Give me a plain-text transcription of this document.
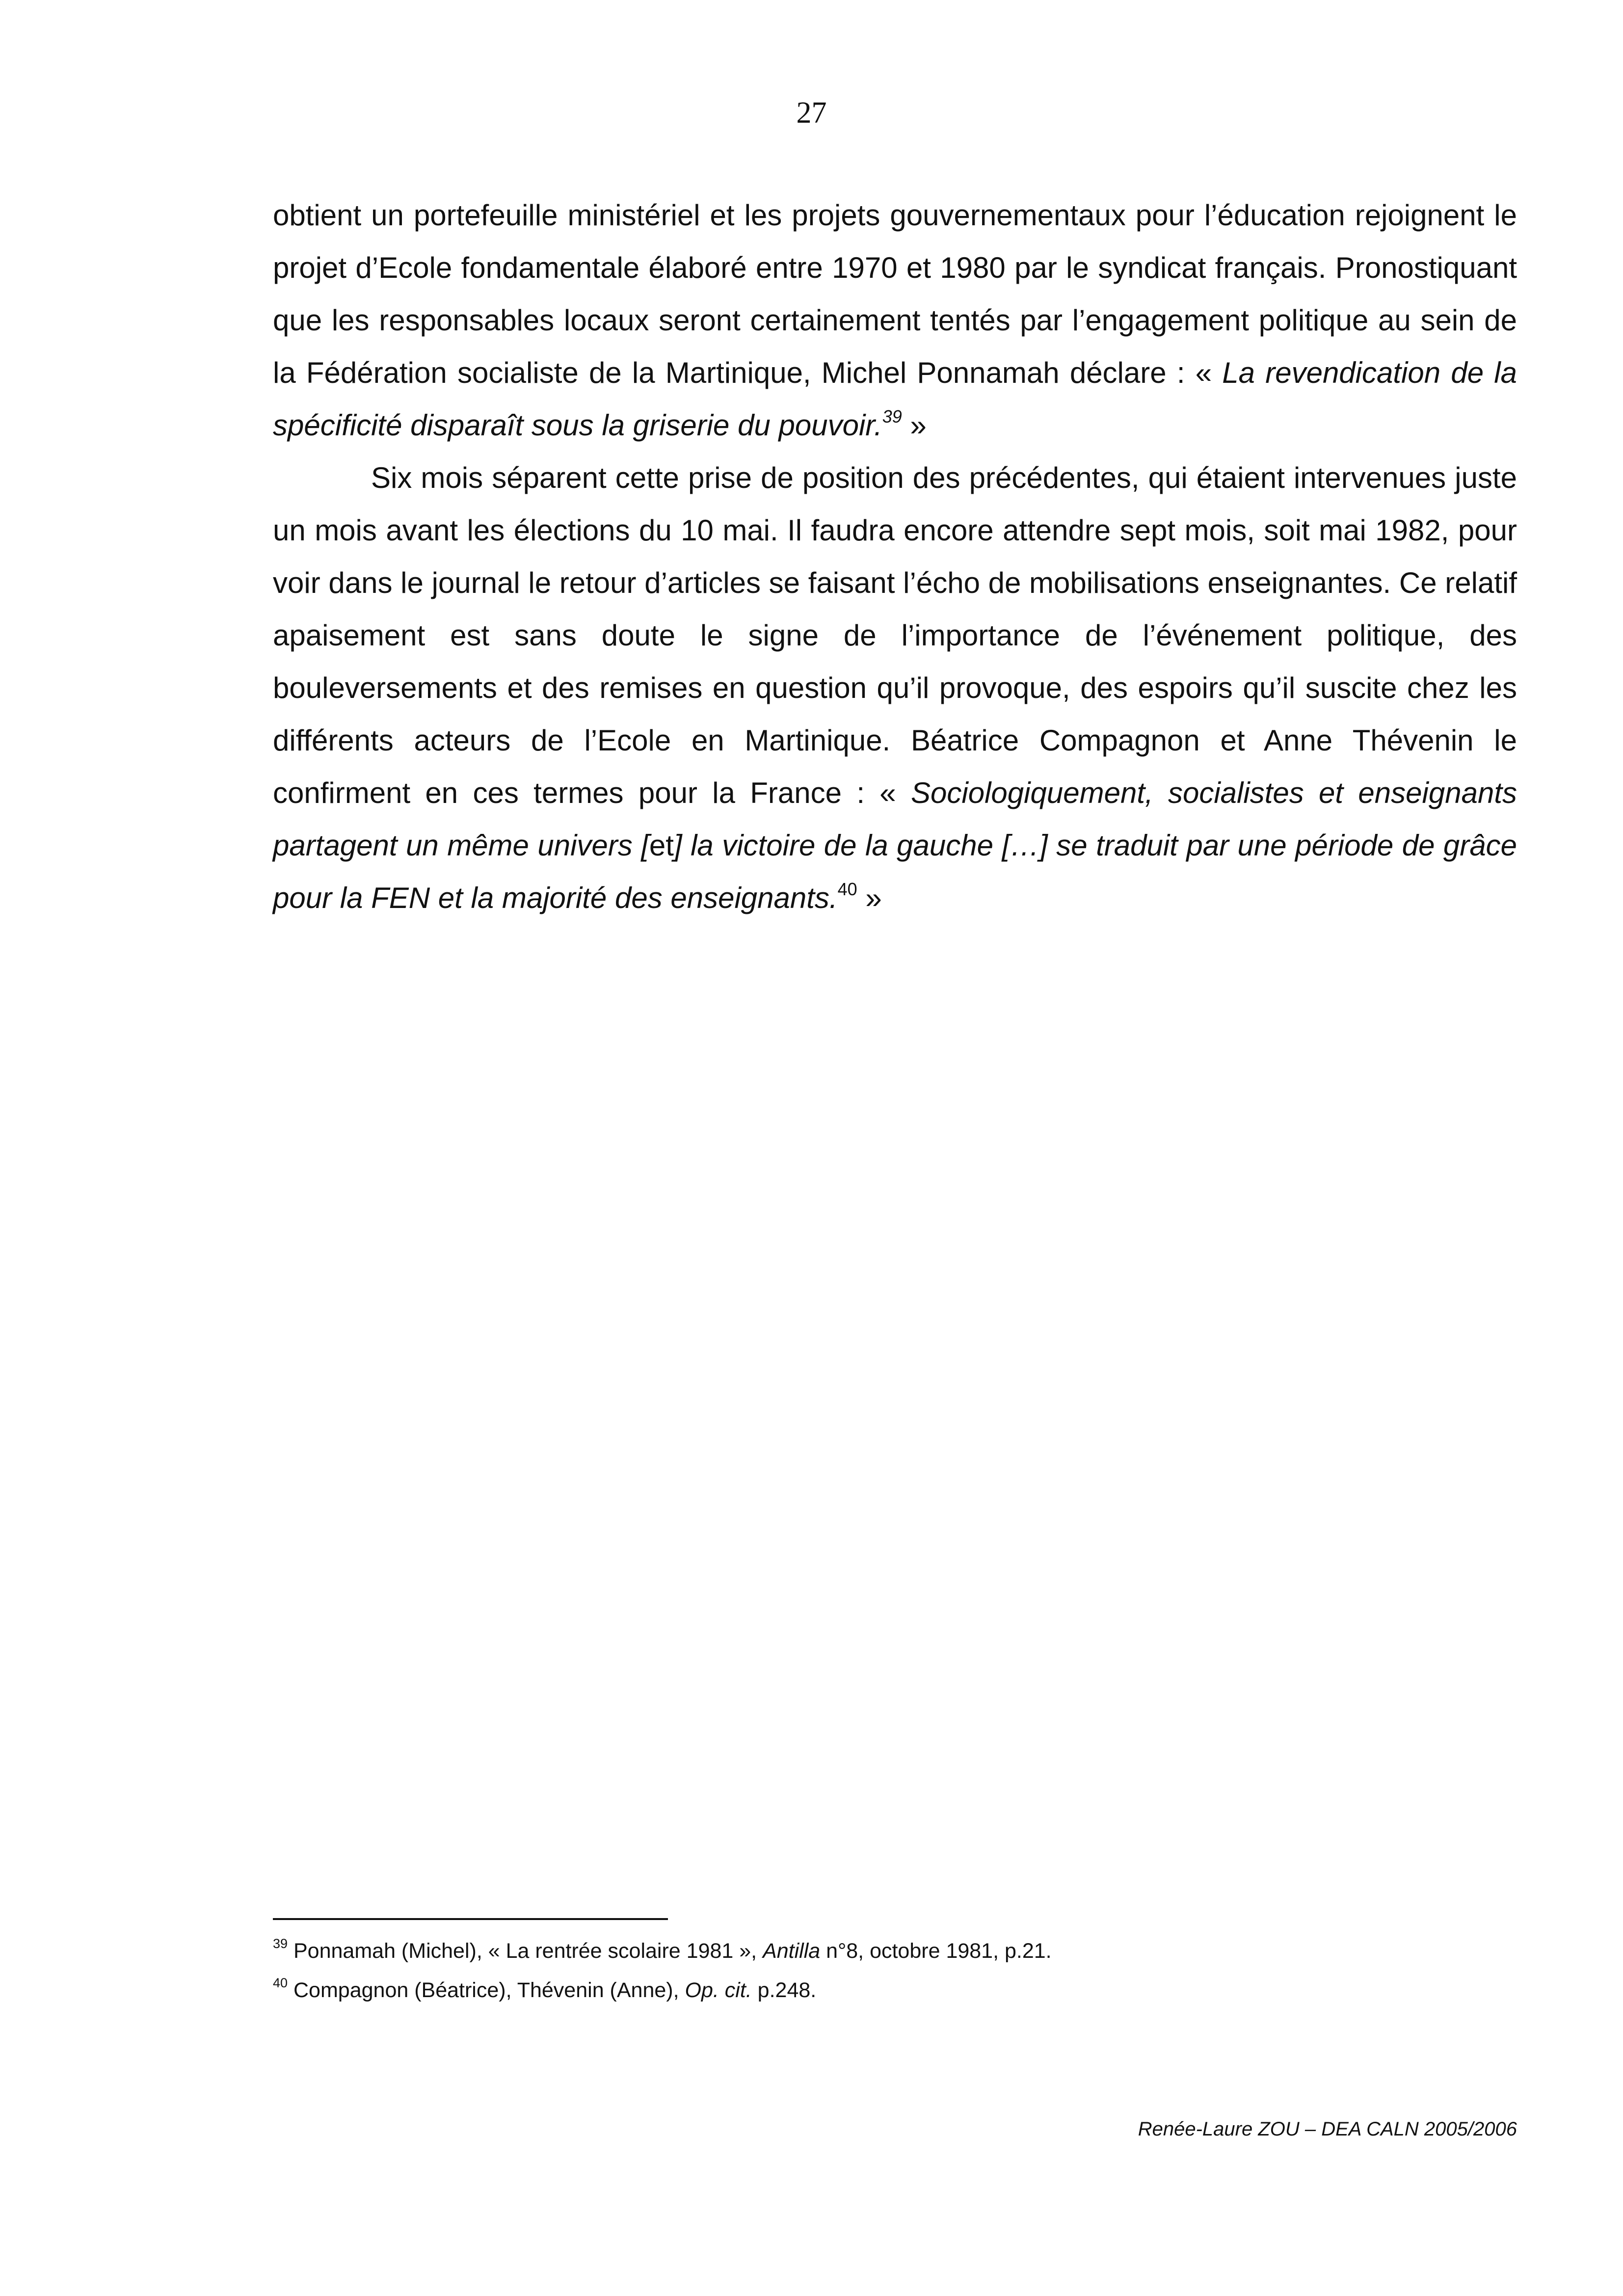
27

obtient un portefeuille ministériel et les projets gouvernementaux pour l’éducation rejoignent le projet d’Ecole fondamentale élaboré entre 1970 et 1980 par le syndicat français. Pronostiquant que les responsables locaux seront certainement tentés par l’engagement politique au sein de la Fédération socialiste de la Martinique, Michel Ponnamah déclare : « La revendication de la spécificité disparaît sous la griserie du pouvoir.$^{39}$ »

Six mois séparent cette prise de position des précédentes, qui étaient intervenues juste un mois avant les élections du 10 mai. Il faudra encore attendre sept mois, soit mai 1982, pour voir dans le journal le retour d’articles se faisant l’écho de mobilisations enseignantes. Ce relatif apaisement est sans doute le signe de l’importance de l’événement politique, des bouleversements et des remises en question qu’il provoque, des espoirs qu’il suscite chez les différents acteurs de l’Ecole en Martinique. Béatrice Compagnon et Anne Thévenin le confirment en ces termes pour la France : « Sociologiquement, socialistes et enseignants partagent un même univers [et] la victoire de la gauche […] se traduit par une période de grâce pour la FEN et la majorité des enseignants.$^{40}$ »

$^{39}$ Ponnamah (Michel), « La rentrée scolaire 1981 », Antilla n°8, octobre 1981, p.21.

$^{40}$ Compagnon (Béatrice), Thévenin (Anne), Op. cit. p.248.

Renée-Laure ZOU – DEA CALN 2005/2006
